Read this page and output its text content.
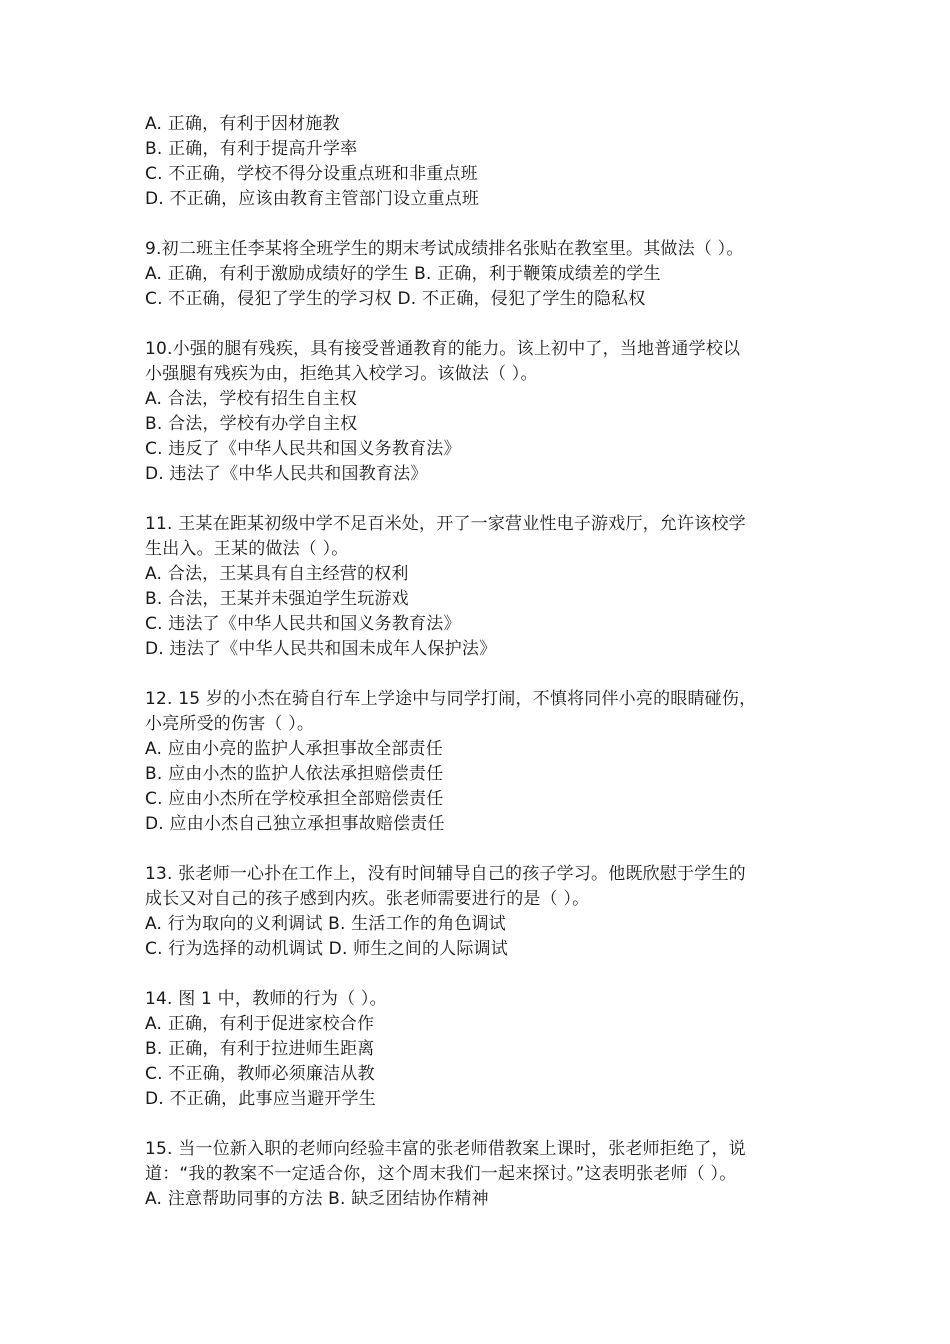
A. 正确，有利于因材施教
B. 正确，有利于提高升学率
C. 不正确，学校不得分设重点班和非重点班
D. 不正确，应该由教育主管部门设立重点班
9.初二班主任李某将全班学生的期末考试成绩排名张贴在教室里。其做法（ ）。
A. 正确，有利于激励成绩好的学生 B. 正确，利于鞭策成绩差的学生
C. 不正确，侵犯了学生的学习权 D. 不正确，侵犯了学生的隐私权
10.小强的腿有残疾，具有接受普通教育的能力。该上初中了，当地普通学校以
小强腿有残疾为由，拒绝其入校学习。该做法（ ）。
A. 合法，学校有招生自主权
B. 合法，学校有办学自主权
C. 违反了《中华人民共和国义务教育法》
D. 违法了《中华人民共和国教育法》
11. 王某在距某初级中学不足百米处，开了一家营业性电子游戏厅，允许该校学
生出入。王某的做法（ ）。
A. 合法，王某具有自主经营的权利
B. 合法，王某并未强迫学生玩游戏
C. 违法了《中华人民共和国义务教育法》
D. 违法了《中华人民共和国未成年人保护法》
12. 15 岁的小杰在骑自行车上学途中与同学打闹，不慎将同伴小亮的眼睛碰伤，
小亮所受的伤害（ ）。
A. 应由小亮的监护人承担事故全部责任
B. 应由小杰的监护人依法承担赔偿责任
C. 应由小杰所在学校承担全部赔偿责任
D. 应由小杰自己独立承担事故赔偿责任
13. 张老师一心扑在工作上，没有时间辅导自己的孩子学习。他既欣慰于学生的
成长又对自己的孩子感到内疚。张老师需要进行的是（ ）。
A. 行为取向的义利调试 B. 生活工作的角色调试
C. 行为选择的动机调试 D. 师生之间的人际调试
14. 图 1 中，教师的行为（ ）。
A. 正确，有利于促进家校合作
B. 正确，有利于拉进师生距离
C. 不正确，教师必须廉洁从教
D. 不正确，此事应当避开学生
15. 当一位新入职的老师向经验丰富的张老师借教案上课时，张老师拒绝了，说
道：“我的教案不一定适合你，这个周末我们一起来探讨。”这表明张老师（ ）。
A. 注意帮助同事的方法 B. 缺乏团结协作精神
